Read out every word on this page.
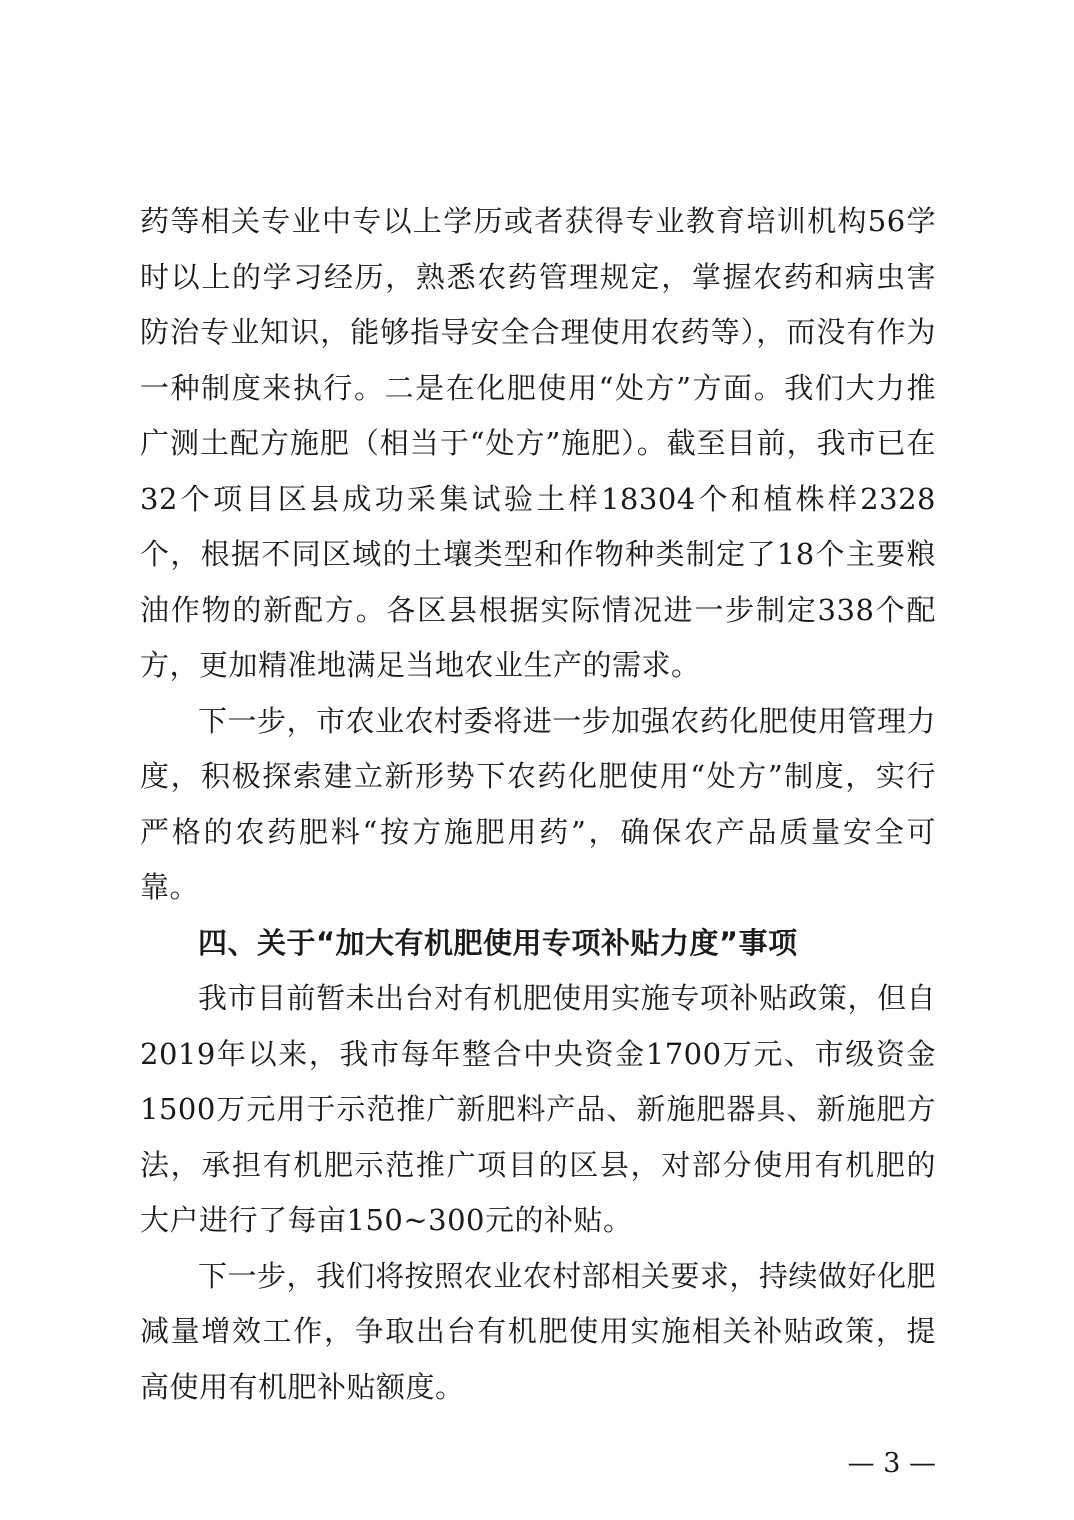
药等相关专业中专以上学历或者获得专业教育培训机构56学时以上的学习经历，熟悉农药管理规定，掌握农药和病虫害防治专业知识，能够指导安全合理使用农药等），而没有作为一种制度来执行。二是在化肥使用“处方”方面。我们大力推广测土配方施肥（相当于“处方”施肥）。截至目前，我市已在32个项目区县成功采集试验土样18304个和植株样2328个，根据不同区域的土壤类型和作物种类制定了18个主要粮油作物的新配方。各区县根据实际情况进一步制定338个配方，更加精准地满足当地农业生产的需求。

下一步，市农业农村委将进一步加强农药化肥使用管理力度，积极探索建立新形势下农药化肥使用“处方”制度，实行严格的农药肥料“按方施肥用药”，确保农产品质量安全可靠。

四、关于“加大有机肥使用专项补贴力度”事项

我市目前暂未出台对有机肥使用实施专项补贴政策，但自2019年以来，我市每年整合中央资金1700万元、市级资金1500万元用于示范推广新肥料产品、新施肥器具、新施肥方法，承担有机肥示范推广项目的区县，对部分使用有机肥的大户进行了每亩150~300元的补贴。

下一步，我们将按照农业农村部相关要求，持续做好化肥减量增效工作，争取出台有机肥使用实施相关补贴政策，提高使用有机肥补贴额度。

— 3 —
